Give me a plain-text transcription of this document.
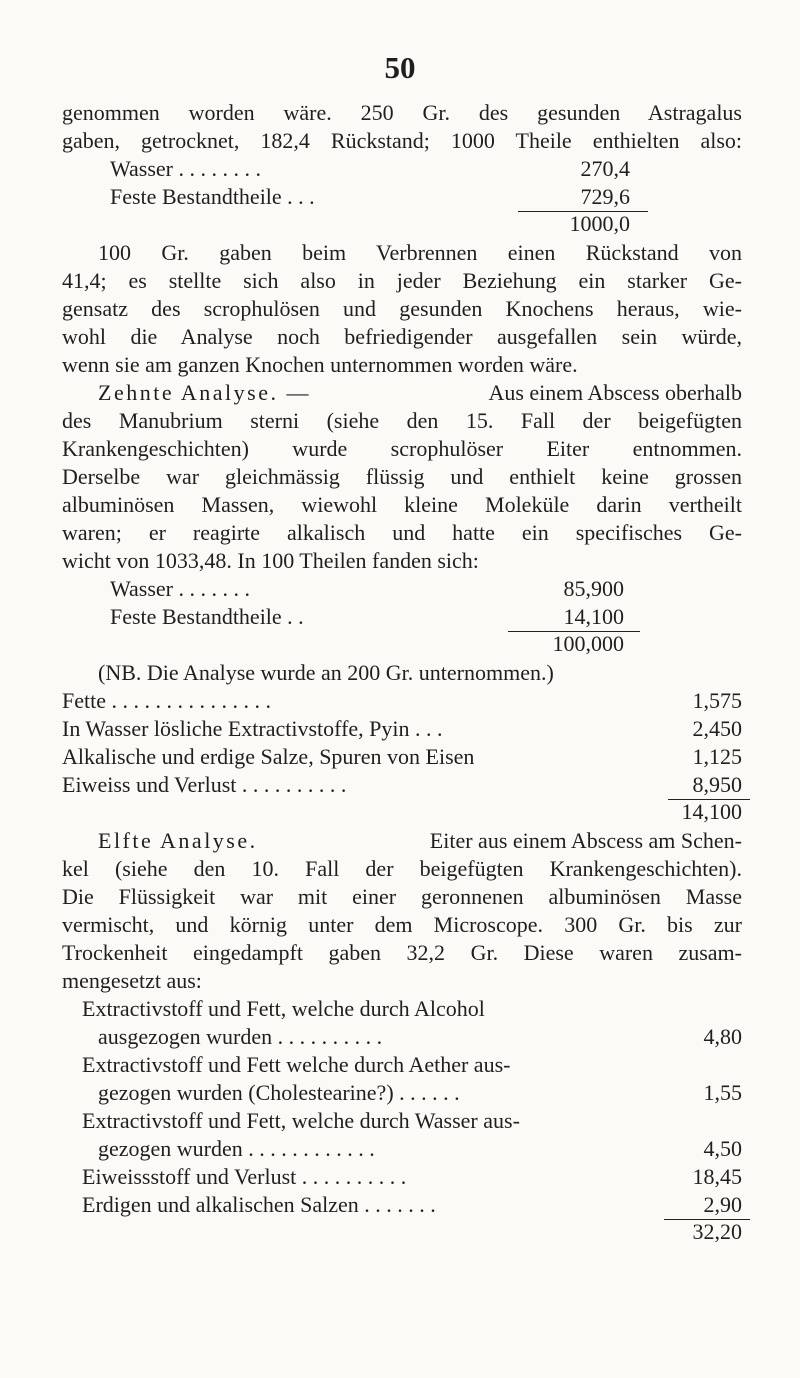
50
genommen worden wäre. 250 Gr. des gesunden Astragalus
gaben, getrocknet, 182,4 Rückstand; 1000 Theile enthielten also:
Wasser . . . . . . . .	270,4
Feste Bestandtheile . . .	729,6
1000,0
100 Gr. gaben beim Verbrennen einen Rückstand von
41,4; es stellte sich also in jeder Beziehung ein starker Ge-
gensatz des scrophulösen und gesunden Knochens heraus, wie-
wohl die Analyse noch befriedigender ausgefallen sein würde,
wenn sie am ganzen Knochen unternommen worden wäre.
Zehnte Analyse. —	Aus einem Abscess oberhalb
des Manubrium sterni (siehe den 15. Fall der beigefügten
Krankengeschichten) wurde scrophulöser Eiter entnommen.
Derselbe war gleichmässig flüssig und enthielt keine grossen
albuminösen Massen, wiewohl kleine Moleküle darin vertheilt
waren; er reagirte alkalisch und hatte ein specifisches Ge-
wicht von 1033,48. In 100 Theilen fanden sich:
Wasser . . . . . . .	85,900
Feste Bestandtheile . .	14,100
100,000
(NB. Die Analyse wurde an 200 Gr. unternommen.)
Fette . . . . . . . . . . . . . . .	1,575
In Wasser lösliche Extractivstoffe, Pyin . . .	2,450
Alkalische und erdige Salze, Spuren von Eisen	1,125
Eiweiss und Verlust . . . . . . . . . .	8,950
14,100
Elfte Analyse.	Eiter aus einem Abscess am Schen-
kel (siehe den 10. Fall der beigefügten Krankengeschichten).
Die Flüssigkeit war mit einer geronnenen albuminösen Masse
vermischt, und körnig unter dem Microscope. 300 Gr. bis zur
Trockenheit eingedampft gaben 32,2 Gr. Diese waren zusam-
mengesetzt aus:
Extractivstoff und Fett, welche durch Alcohol
ausgezogen wurden . . . . . . . . . .	4,80
Extractivstoff und Fett welche durch Aether aus-
gezogen wurden (Cholestearine?) . . . . . .	1,55
Extractivstoff und Fett, welche durch Wasser aus-
gezogen wurden . . . . . . . . . . . .	4,50
Eiweissstoff und Verlust . . . . . . . . . .	18,45
Erdigen und alkalischen Salzen . . . . . . .	2,90
32,20
